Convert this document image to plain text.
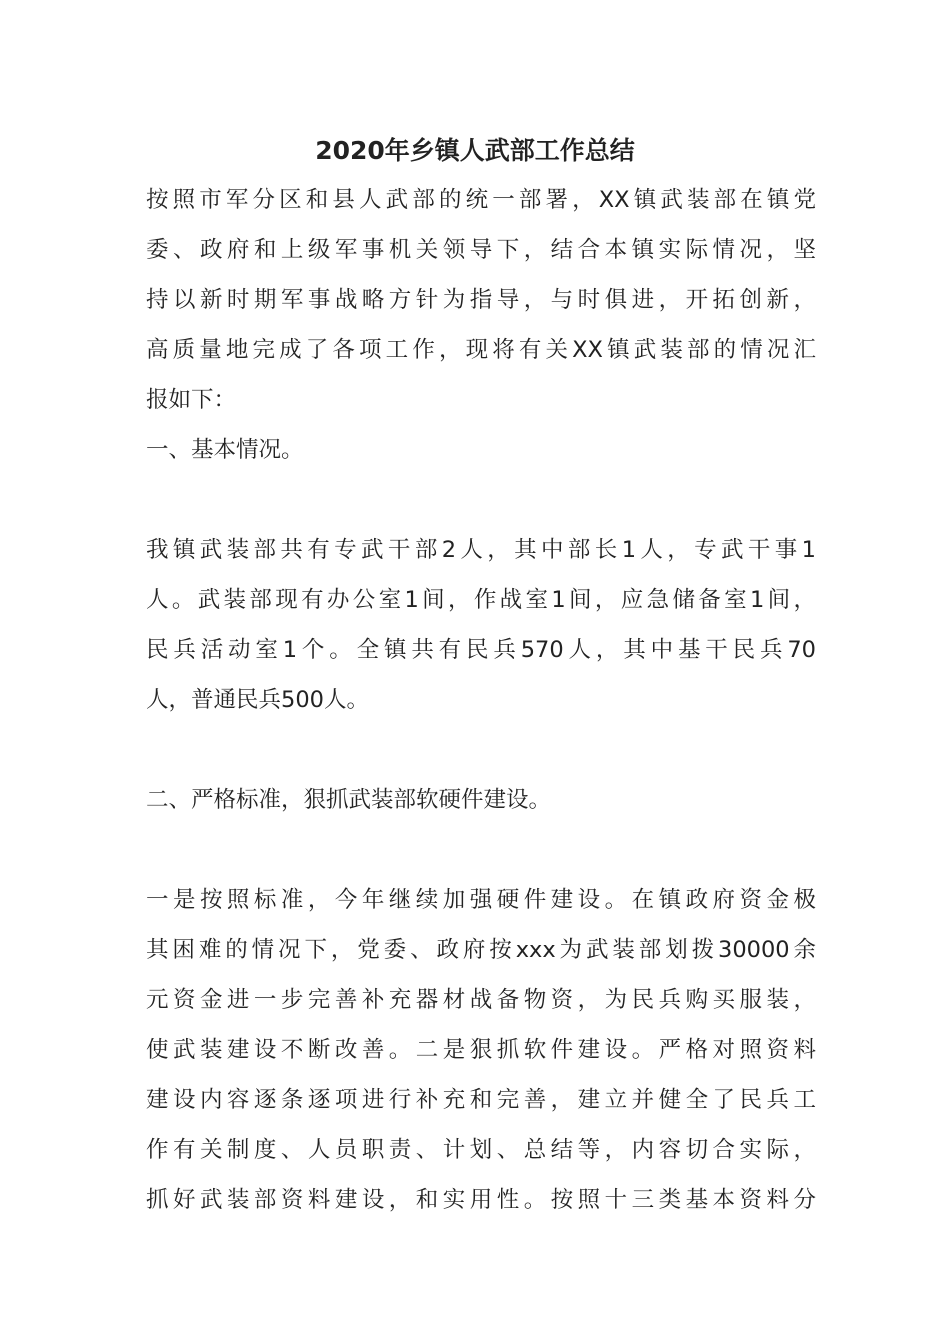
2020年乡镇人武部工作总结

按照市军分区和县人武部的统一部署，XX镇武装部在镇党

委、政府和上级军事机关领导下，结合本镇实际情况，坚

持以新时期军事战略方针为指导，与时俱进，开拓创新，

高质量地完成了各项工作，现将有关XX镇武装部的情况汇

报如下：

一、基本情况。

我镇武装部共有专武干部2人，其中部长1人，专武干事1

人。武装部现有办公室1间，作战室1间，应急储备室1间，

民兵活动室1个。全镇共有民兵570人，其中基干民兵70

人，普通民兵500人。

二、严格标准，狠抓武装部软硬件建设。

一是按照标准，今年继续加强硬件建设。在镇政府资金极

其困难的情况下，党委、政府按xxx为武装部划拨30000余

元资金进一步完善补充器材战备物资，为民兵购买服装，

使武装建设不断改善。二是狠抓软件建设。严格对照资料

建设内容逐条逐项进行补充和完善，建立并健全了民兵工

作有关制度、人员职责、计划、总结等，内容切合实际，

抓好武装部资料建设，和实用性。按照十三类基本资料分
